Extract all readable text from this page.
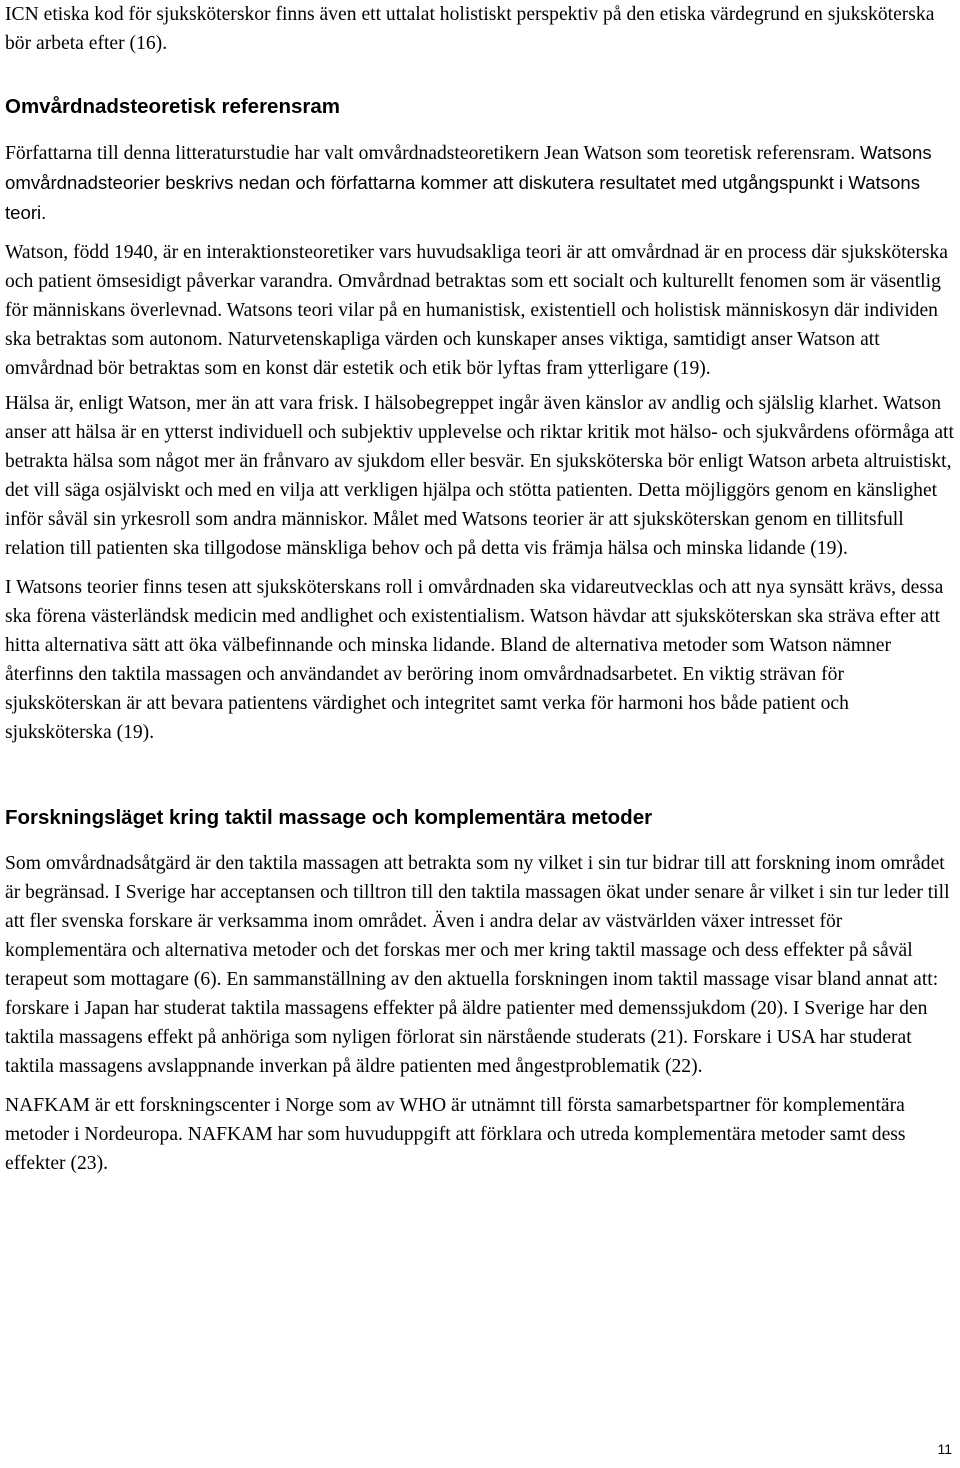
ICN etiska kod för sjuksköterskor finns även ett uttalat holistiskt perspektiv på den etiska värdegrund en sjuksköterska bör arbeta efter (16).

Omvårdnadsteoretisk referensram

Författarna till denna litteraturstudie har valt omvårdnadsteoretikern Jean Watson som teoretisk referensram. Watsons omvårdnadsteorier beskrivs nedan och författarna kommer att diskutera resultatet med utgångspunkt i Watsons teori.

Watson, född 1940, är en interaktionsteoretiker vars huvudsakliga teori är att omvårdnad är en process där sjuksköterska och patient ömsesidigt påverkar varandra. Omvårdnad betraktas som ett socialt och kulturellt fenomen som är väsentlig för människans överlevnad. Watsons teori vilar på en humanistisk, existentiell och holistisk människosyn där individen ska betraktas som autonom. Naturvetenskapliga värden och kunskaper anses viktiga, samtidigt anser Watson att omvårdnad bör betraktas som en konst där estetik och etik bör lyftas fram ytterligare (19).

Hälsa är, enligt Watson, mer än att vara frisk. I hälsobegreppet ingår även känslor av andlig och själslig klarhet. Watson anser att hälsa är en ytterst individuell och subjektiv upplevelse och riktar kritik mot hälso- och sjukvårdens oförmåga att betrakta hälsa som något mer än frånvaro av sjukdom eller besvär. En sjuksköterska bör enligt Watson arbeta altruistiskt, det vill säga osjälviskt och med en vilja att verkligen hjälpa och stötta patienten. Detta möjliggörs genom en känslighet inför såväl sin yrkesroll som andra människor. Målet med Watsons teorier är att sjuksköterskan genom en tillitsfull relation till patienten ska tillgodose mänskliga behov och på detta vis främja hälsa och minska lidande (19).

I Watsons teorier finns tesen att sjuksköterskans roll i omvårdnaden ska vidareutvecklas och att nya synsätt krävs, dessa ska förena västerländsk medicin med andlighet och existentialism. Watson hävdar att sjuksköterskan ska sträva efter att hitta alternativa sätt att öka välbefinnande och minska lidande. Bland de alternativa metoder som Watson nämner återfinns den taktila massagen och användandet av beröring inom omvårdnadsarbetet. En viktig strävan för sjuksköterskan är att bevara patientens värdighet och integritet samt verka för harmoni hos både patient och sjuksköterska (19).

Forskningsläget kring taktil massage och komplementära metoder

Som omvårdnadsåtgärd är den taktila massagen att betrakta som ny vilket i sin tur bidrar till att forskning inom området är begränsad. I Sverige har acceptansen och tilltron till den taktila massagen ökat under senare år vilket i sin tur leder till att fler svenska forskare är verksamma inom området. Även i andra delar av västvärlden växer intresset för komplementära och alternativa metoder och det forskas mer och mer kring taktil massage och dess effekter på såväl terapeut som mottagare (6). En sammanställning av den aktuella forskningen inom taktil massage visar bland annat att: forskare i Japan har studerat taktila massagens effekter på äldre patienter med demenssjukdom (20). I Sverige har den taktila massagens effekt på anhöriga som nyligen förlorat sin närstående studerats (21). Forskare i USA har studerat taktila massagens avslappnande inverkan på äldre patienten med ångestproblematik (22).

NAFKAM är ett forskningscenter i Norge som av WHO är utnämnt till första samarbetspartner för komplementära metoder i Nordeuropa. NAFKAM har som huvuduppgift att förklara och utreda komplementära metoder samt dess effekter (23).

11
